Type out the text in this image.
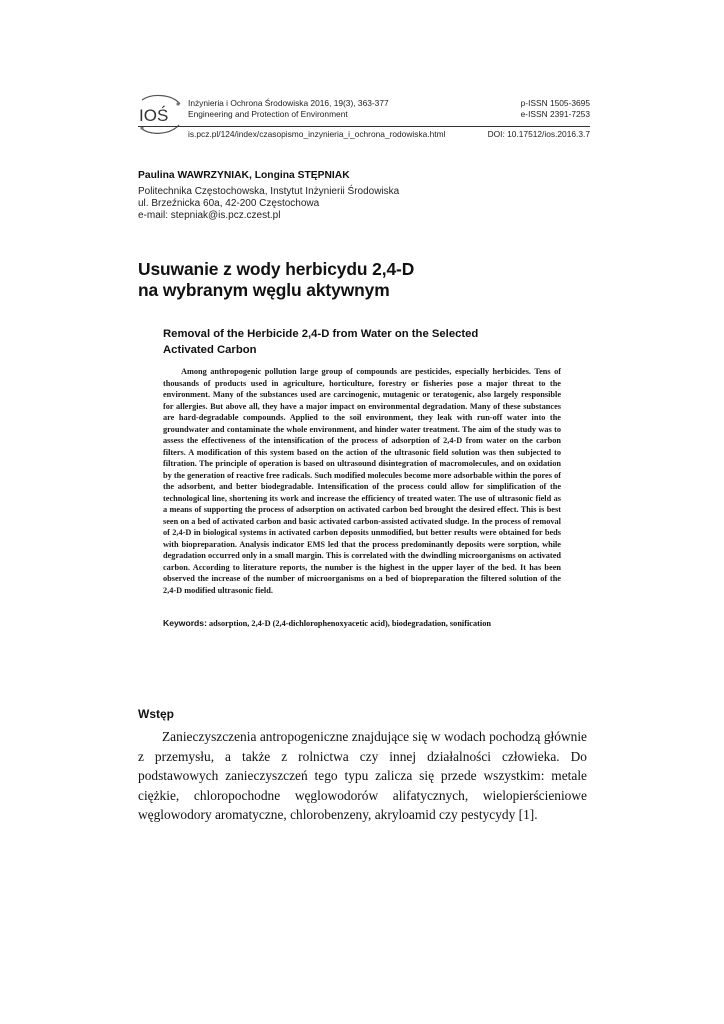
IOŚ
Inżynieria i Ochrona Środowiska 2016, 19(3), 363-377
Engineering and Protection of Environment
p-ISSN 1505-3695
e-ISSN 2391-7253
is.pcz.pl/124/index/czasopismo_inzynieria_i_ochrona_rodowiska.html	DOI: 10.17512/ios.2016.3.7
Paulina WAWRZYNIAK, Longina STĘPNIAK
Politechnika Częstochowska, Instytut Inżynierii Środowiska
ul. Brzeźnicka 60a, 42-200 Częstochowa
e-mail: stepniak@is.pcz.czest.pl
Usuwanie z wody herbicydu 2,4-D
na wybranym węglu aktywnym
Removal of the Herbicide 2,4-D from Water on the Selected
Activated Carbon

Among anthropogenic pollution large group of compounds are pesticides, especially herbicides. Tens of thousands of products used in agriculture, horticulture, forestry or fisheries pose a major threat to the environment. Many of the substances used are carcinogenic, mutagenic or teratogenic, also largely responsible for allergies. But above all, they have a major impact on environmental degradation. Many of these substances are hard-degradable compounds. Applied to the soil environment, they leak with run-off water into the groundwater and contaminate the whole environment, and hinder water treatment. The aim of the study was to assess the effectiveness of the intensification of the process of adsorption of 2,4-D from water on the carbon filters. A modification of this system based on the action of the ultrasonic field solution was then subjected to filtration. The principle of operation is based on ultrasound disintegration of macromolecules, and on oxidation by the generation of reactive free radicals. Such modified molecules become more adsorbable within the pores of the adsorbent, and better biodegradable. Intensification of the process could allow for simplification of the technological line, shortening its work and increase the efficiency of treated water. The use of ultrasonic field as a means of supporting the process of adsorption on activated carbon bed brought the desired effect. This is best seen on a bed of activated carbon and basic activated carbon-assisted activated sludge. In the process of removal of 2,4-D in biological systems in activated carbon deposits unmodified, but better results were obtained for beds with biopreparation. Analysis indicator EMS led that the process predominantly deposits were sorption, while degradation occurred only in a small margin. This is correlated with the dwindling microorganisms on activated carbon. According to literature reports, the number is the highest in the upper layer of the bed. It has been observed the increase of the number of microorganisms on a bed of biopreparation the filtered solution of the 2,4-D modified ultrasonic field.

Keywords: adsorption, 2,4-D (2,4-dichlorophenoxyacetic acid), biodegradation, sonification
Wstęp

Zanieczyszczenia antropogeniczne znajdujące się w wodach pochodzą głównie z przemysłu, a także z rolnictwa czy innej działalności człowieka. Do podstawowych zanieczyszczeń tego typu zalicza się przede wszystkim: metale ciężkie, chloropochodne węglowodorów alifatycznych, wielopierścieniowe węglowodory aromatyczne, chlorobenzeny, akryloamid czy pestycydy [1].
